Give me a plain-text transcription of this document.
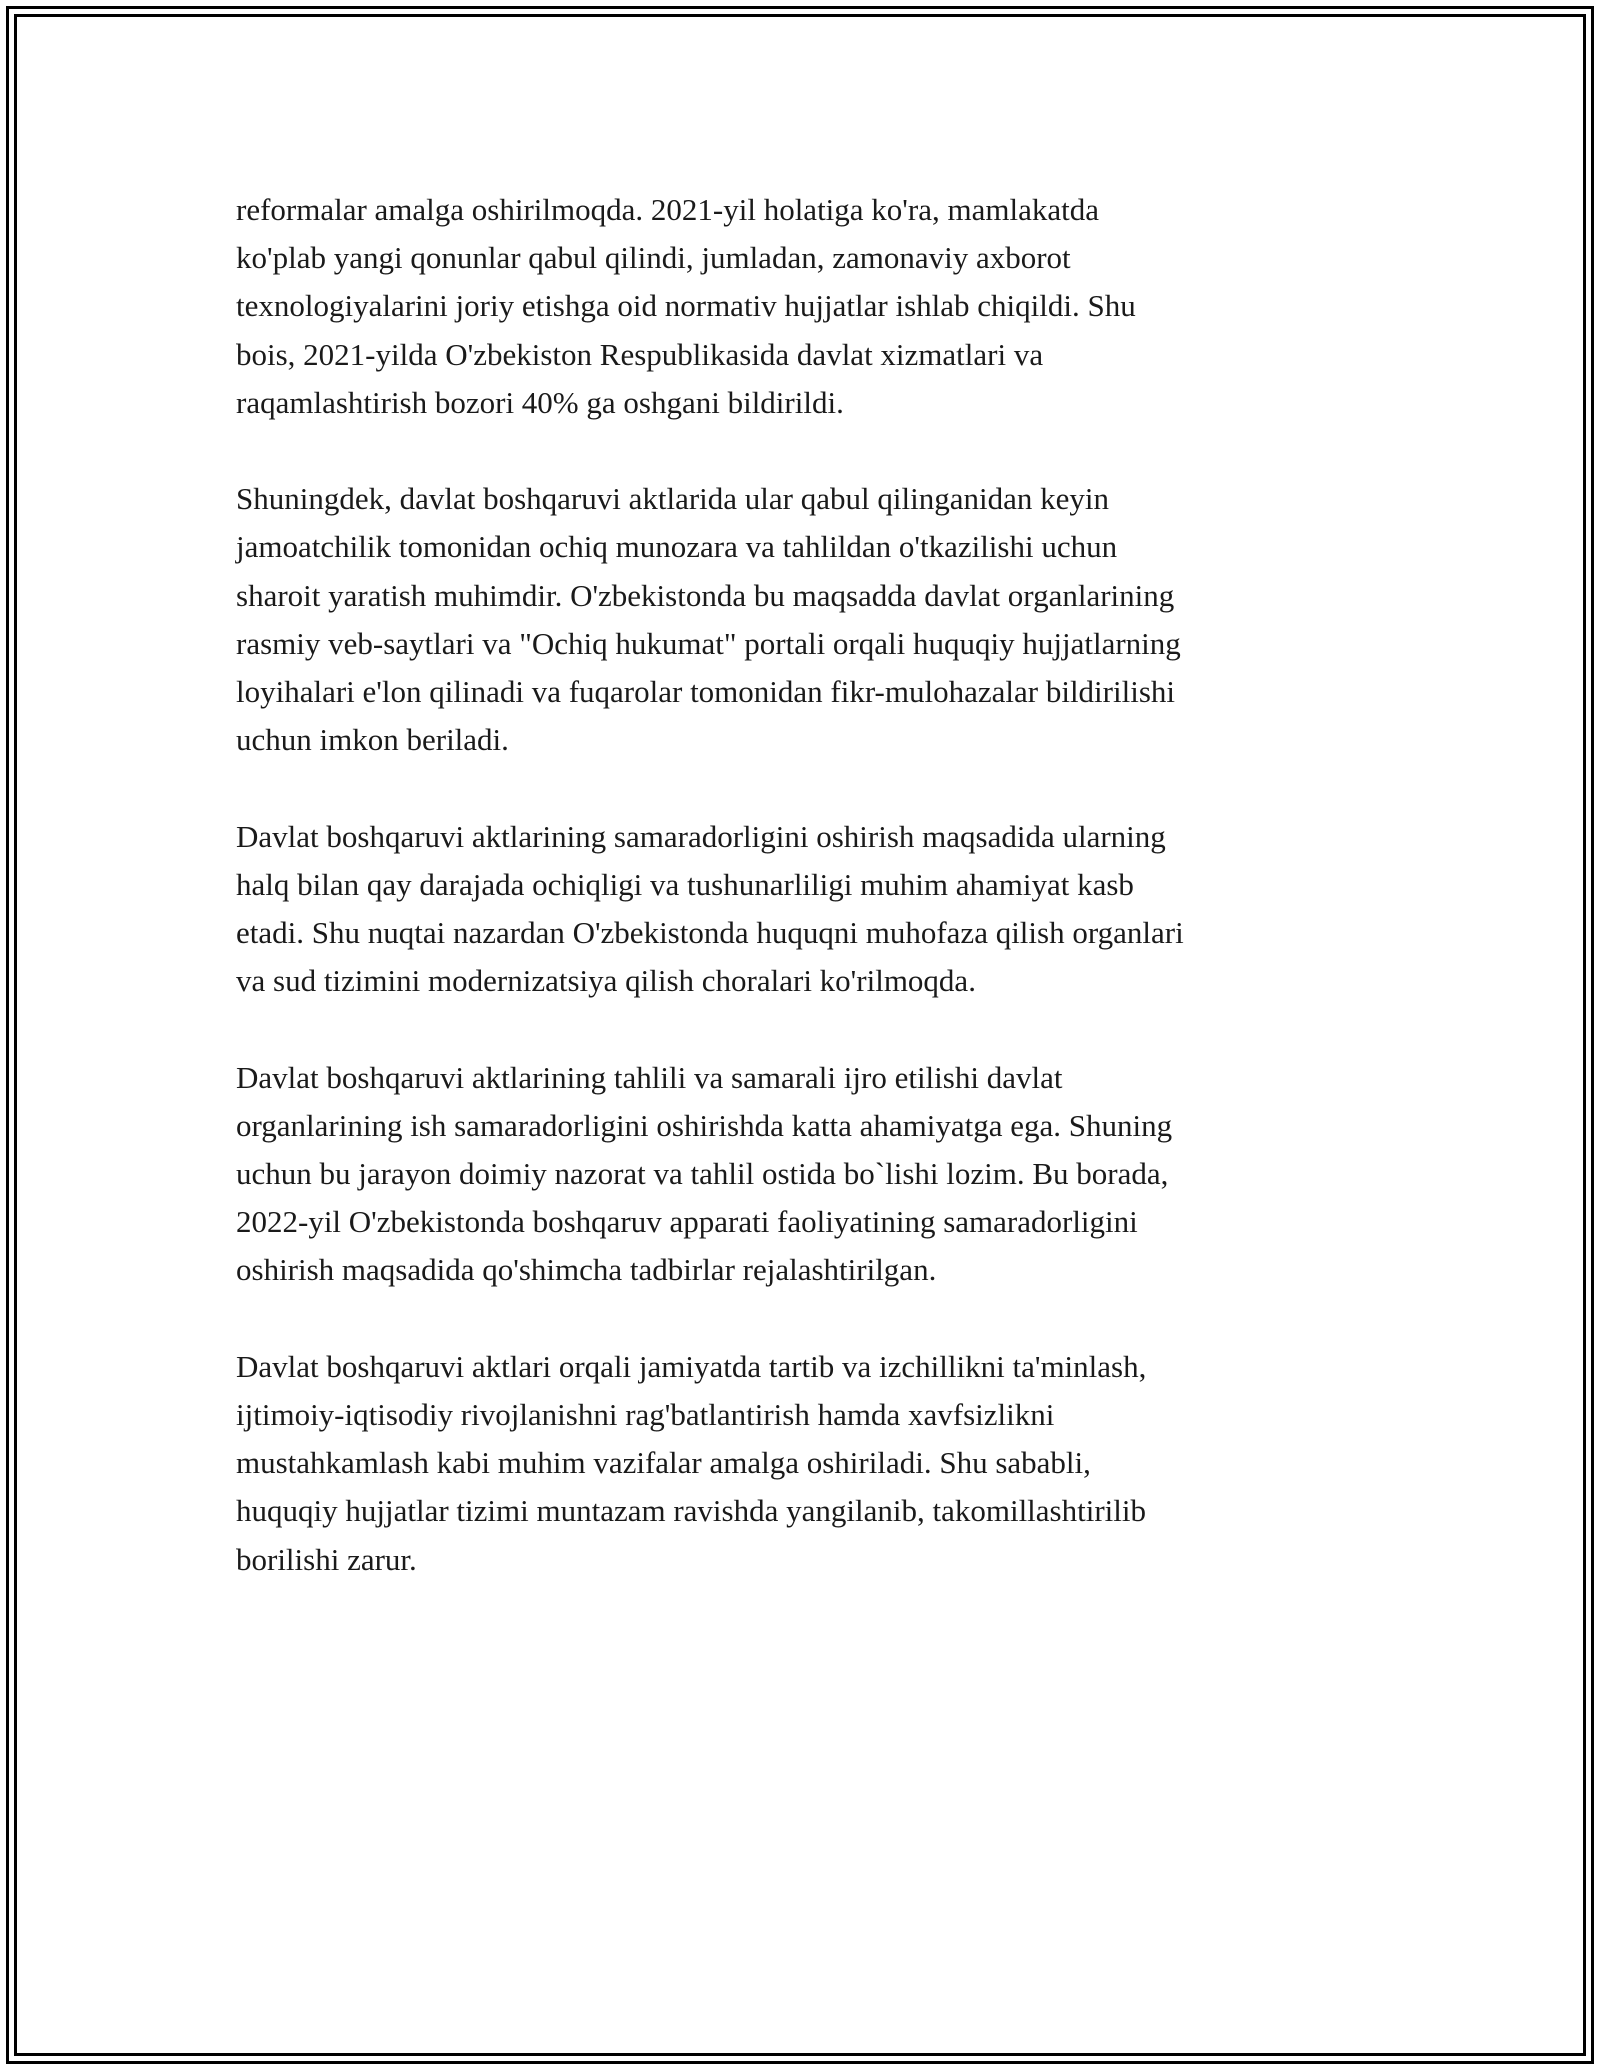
reformalar amalga oshirilmoqda. 2021-yil holatiga ko'ra, mamlakatda
ko'plab yangi qonunlar qabul qilindi, jumladan, zamonaviy axborot
texnologiyalarini joriy etishga oid normativ hujjatlar ishlab chiqildi. Shu
bois, 2021-yilda O'zbekiston Respublikasida davlat xizmatlari va
raqamlashtirish bozori 40% ga oshgani bildirildi.

Shuningdek, davlat boshqaruvi aktlarida ular qabul qilinganidan keyin
jamoatchilik tomonidan ochiq munozara va tahlildan o'tkazilishi uchun
sharoit yaratish muhimdir. O'zbekistonda bu maqsadda davlat organlarining
rasmiy veb-saytlari va "Ochiq hukumat" portali orqali huquqiy hujjatlarning
loyihalari e'lon qilinadi va fuqarolar tomonidan fikr-mulohazalar bildirilishi
uchun imkon beriladi.

Davlat boshqaruvi aktlarining samaradorligini oshirish maqsadida ularning
halq bilan qay darajada ochiqligi va tushunarliligi muhim ahamiyat kasb
etadi. Shu nuqtai nazardan O'zbekistonda huquqni muhofaza qilish organlari
va sud tizimini modernizatsiya qilish choralari ko'rilmoqda.

Davlat boshqaruvi aktlarining tahlili va samarali ijro etilishi davlat
organlarining ish samaradorligini oshirishda katta ahamiyatga ega. Shuning
uchun bu jarayon doimiy nazorat va tahlil ostida bo`lishi lozim. Bu borada,
2022-yil O'zbekistonda boshqaruv apparati faoliyatining samaradorligini
oshirish maqsadida qo'shimcha tadbirlar rejalashtirilgan.

Davlat boshqaruvi aktlari orqali jamiyatda tartib va izchillikni ta'minlash,
ijtimoiy-iqtisodiy rivojlanishni rag'batlantirish hamda xavfsizlikni
mustahkamlash kabi muhim vazifalar amalga oshiriladi. Shu sababli,
huquqiy hujjatlar tizimi muntazam ravishda yangilanib, takomillashtirilib
borilishi zarur.
